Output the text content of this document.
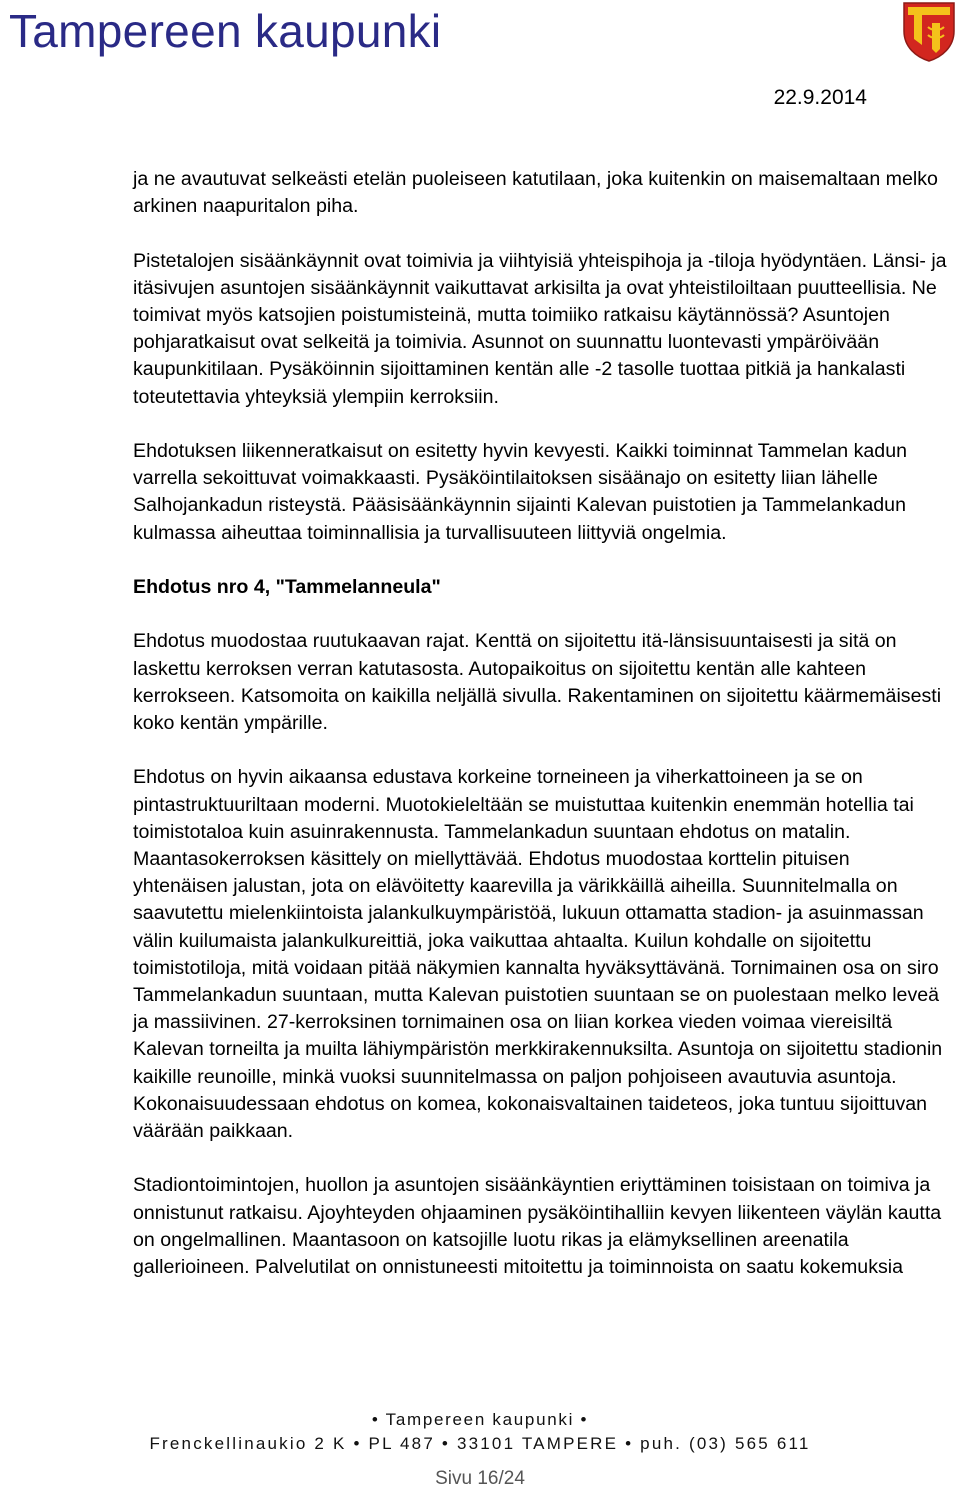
Tampereen kaupunki
22.9.2014

ja ne avautuvat selkeästi etelän puoleiseen katutilaan, joka kuitenkin on maisemaltaan melko arkinen naapuritalon piha.

Pistetalojen sisäänkäynnit ovat toimivia ja viihtyisiä yhteispihoja ja -tiloja hyödyntäen. Länsi- ja itäsivujen asuntojen sisäänkäynnit vaikuttavat arkisilta ja ovat yhteistiloiltaan puutteellisia. Ne toimivat myös katsojien poistumisteinä, mutta toimiiko ratkaisu käytännössä? Asuntojen pohjaratkaisut ovat selkeitä ja toimivia. Asunnot on suunnattu luontevasti ympäröivään kaupunkitilaan. Pysäköinnin sijoittaminen kentän alle -2 tasolle tuottaa pitkiä ja hankalasti toteutettavia yhteyksiä ylempiin kerroksiin.

Ehdotuksen liikenneratkaisut on esitetty hyvin kevyesti. Kaikki toiminnat Tammelan kadun varrella sekoittuvat voimakkaasti. Pysäköintilaitoksen sisäänajo on esitetty liian lähelle Salhojankadun risteystä. Pääsisäänkäynnin sijainti Kalevan puistotien ja Tammelankadun kulmassa aiheuttaa toiminnallisia ja turvallisuuteen liittyviä ongelmia.

Ehdotus nro 4, "Tammelanneula"

Ehdotus muodostaa ruutukaavan rajat. Kenttä on sijoitettu itä-länsisuuntaisesti ja sitä on laskettu kerroksen verran katutasosta. Autopaikoitus on sijoitettu kentän alle kahteen kerrokseen. Katsomoita on kaikilla neljällä sivulla. Rakentaminen on sijoitettu käärmemäisesti koko kentän ympärille.

Ehdotus on hyvin aikaansa edustava korkeine torneineen ja viherkattoineen ja se on pintastruktuuriltaan moderni. Muotokieleltään se muistuttaa kuitenkin enemmän hotellia tai toimistotaloa kuin asuinrakennusta. Tammelankadun suuntaan ehdotus on matalin. Maantasokerroksen käsittely on miellyttävää. Ehdotus muodostaa korttelin pituisen yhtenäisen jalustan, jota on elävöitetty kaarevilla ja värikkäillä aiheilla. Suunnitelmalla on saavutettu mielenkiintoista jalankulkuympäristöä, lukuun ottamatta stadion- ja asuinmassan välin kuilumaista jalankulkureittiä, joka vaikuttaa ahtaalta. Kuilun kohdalle on sijoitettu toimistotiloja, mitä voidaan pitää näkymien kannalta hyväksyttävänä. Tornimainen osa on siro Tammelankadun suuntaan, mutta Kalevan puistotien suuntaan se on puolestaan melko leveä ja massiivinen. 27-kerroksinen tornimainen osa on liian korkea vieden voimaa viereisiltä Kalevan torneilta ja muilta lähiympäristön merkkirakennuksilta. Asuntoja on sijoitettu stadionin kaikille reunoille, minkä vuoksi suunnitelmassa on paljon pohjoiseen avautuvia asuntoja. Kokonaisuudessaan ehdotus on komea, kokonaisvaltainen taideteos, joka tuntuu sijoittuvan väärään paikkaan.

Stadiontoimintojen, huollon ja asuntojen sisäänkäyntien eriyttäminen toisistaan on toimiva ja onnistunut ratkaisu. Ajoyhteyden ohjaaminen pysäköintihalliin kevyen liikenteen väylän kautta on ongelmallinen. Maantasoon on katsojille luotu rikas ja elämyksellinen areenatila gallerioineen. Palvelutilat on onnistuneesti mitoitettu ja toiminnoista on saatu kokemuksia

• Tampereen kaupunki •
Frenckellinaukio 2 K • PL 487 • 33101 TAMPERE • puh. (03) 565 611
Sivu 16/24
